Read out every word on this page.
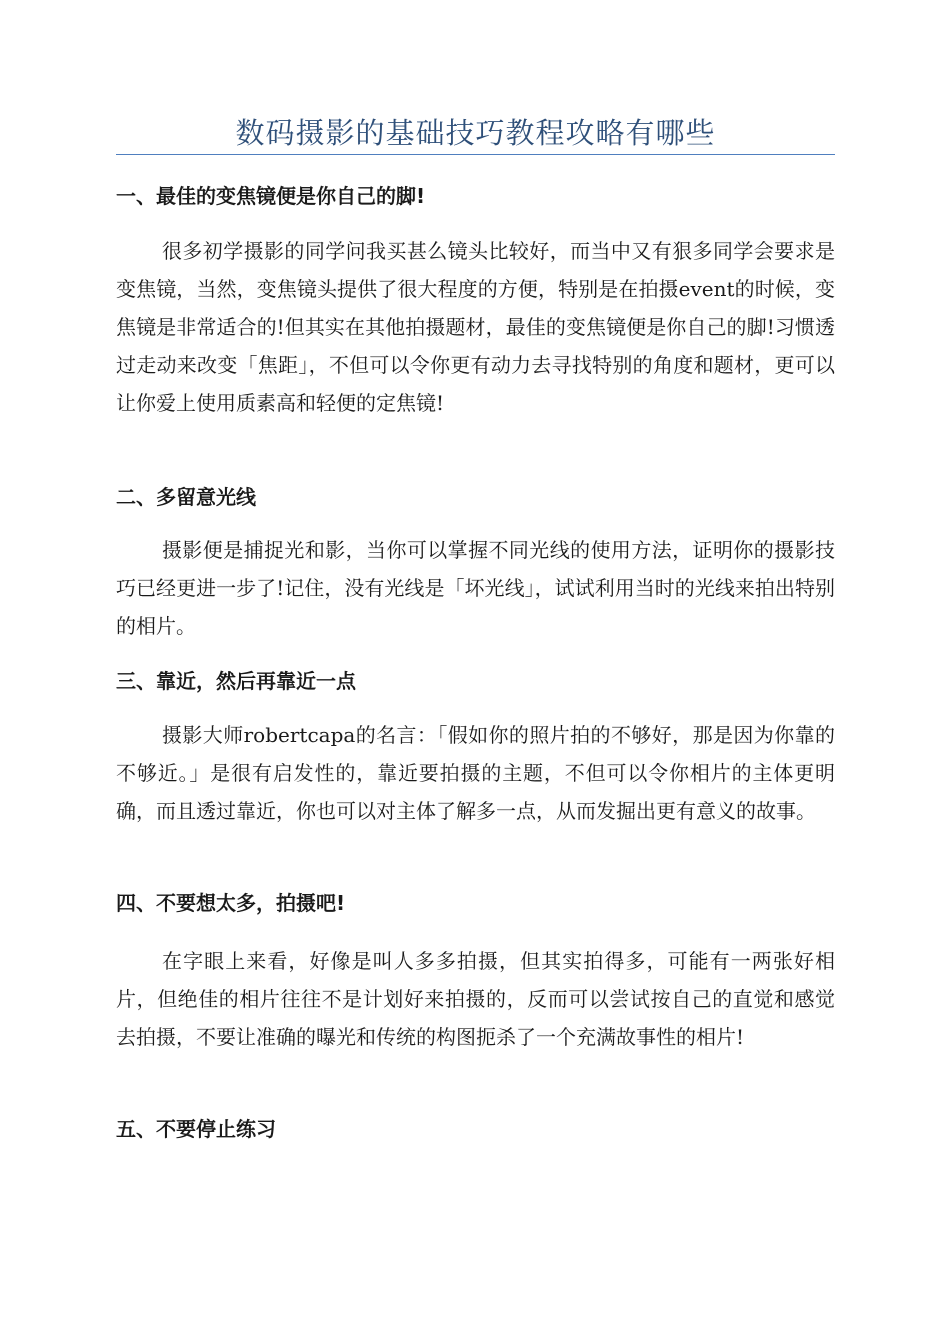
数码摄影的基础技巧教程攻略有哪些
一、最佳的变焦镜便是你自己的脚!
很多初学摄影的同学问我买甚么镜头比较好，而当中又有狠多同学会要求是变焦镜，当然，变焦镜头提供了很大程度的方便，特别是在拍摄event的时候，变焦镜是非常适合的!但其实在其他拍摄题材，最佳的变焦镜便是你自己的脚!习惯透过走动来改变「焦距」，不但可以令你更有动力去寻找特别的角度和题材，更可以让你爱上使用质素高和轻便的定焦镜!
二、多留意光线
摄影便是捕捉光和影，当你可以掌握不同光线的使用方法，证明你的摄影技巧已经更进一步了!记住，没有光线是「坏光线」，试试利用当时的光线来拍出特别的相片。
三、靠近，然后再靠近一点
摄影大师robertcapa的名言：「假如你的照片拍的不够好，那是因为你靠的不够近。」是很有启发性的，靠近要拍摄的主题，不但可以令你相片的主体更明确，而且透过靠近，你也可以对主体了解多一点，从而发掘出更有意义的故事。
四、不要想太多，拍摄吧!
在字眼上来看，好像是叫人多多拍摄，但其实拍得多，可能有一两张好相片，但绝佳的相片往往不是计划好来拍摄的，反而可以尝试按自己的直觉和感觉去拍摄，不要让准确的曝光和传统的构图扼杀了一个充满故事性的相片!
五、不要停止练习
